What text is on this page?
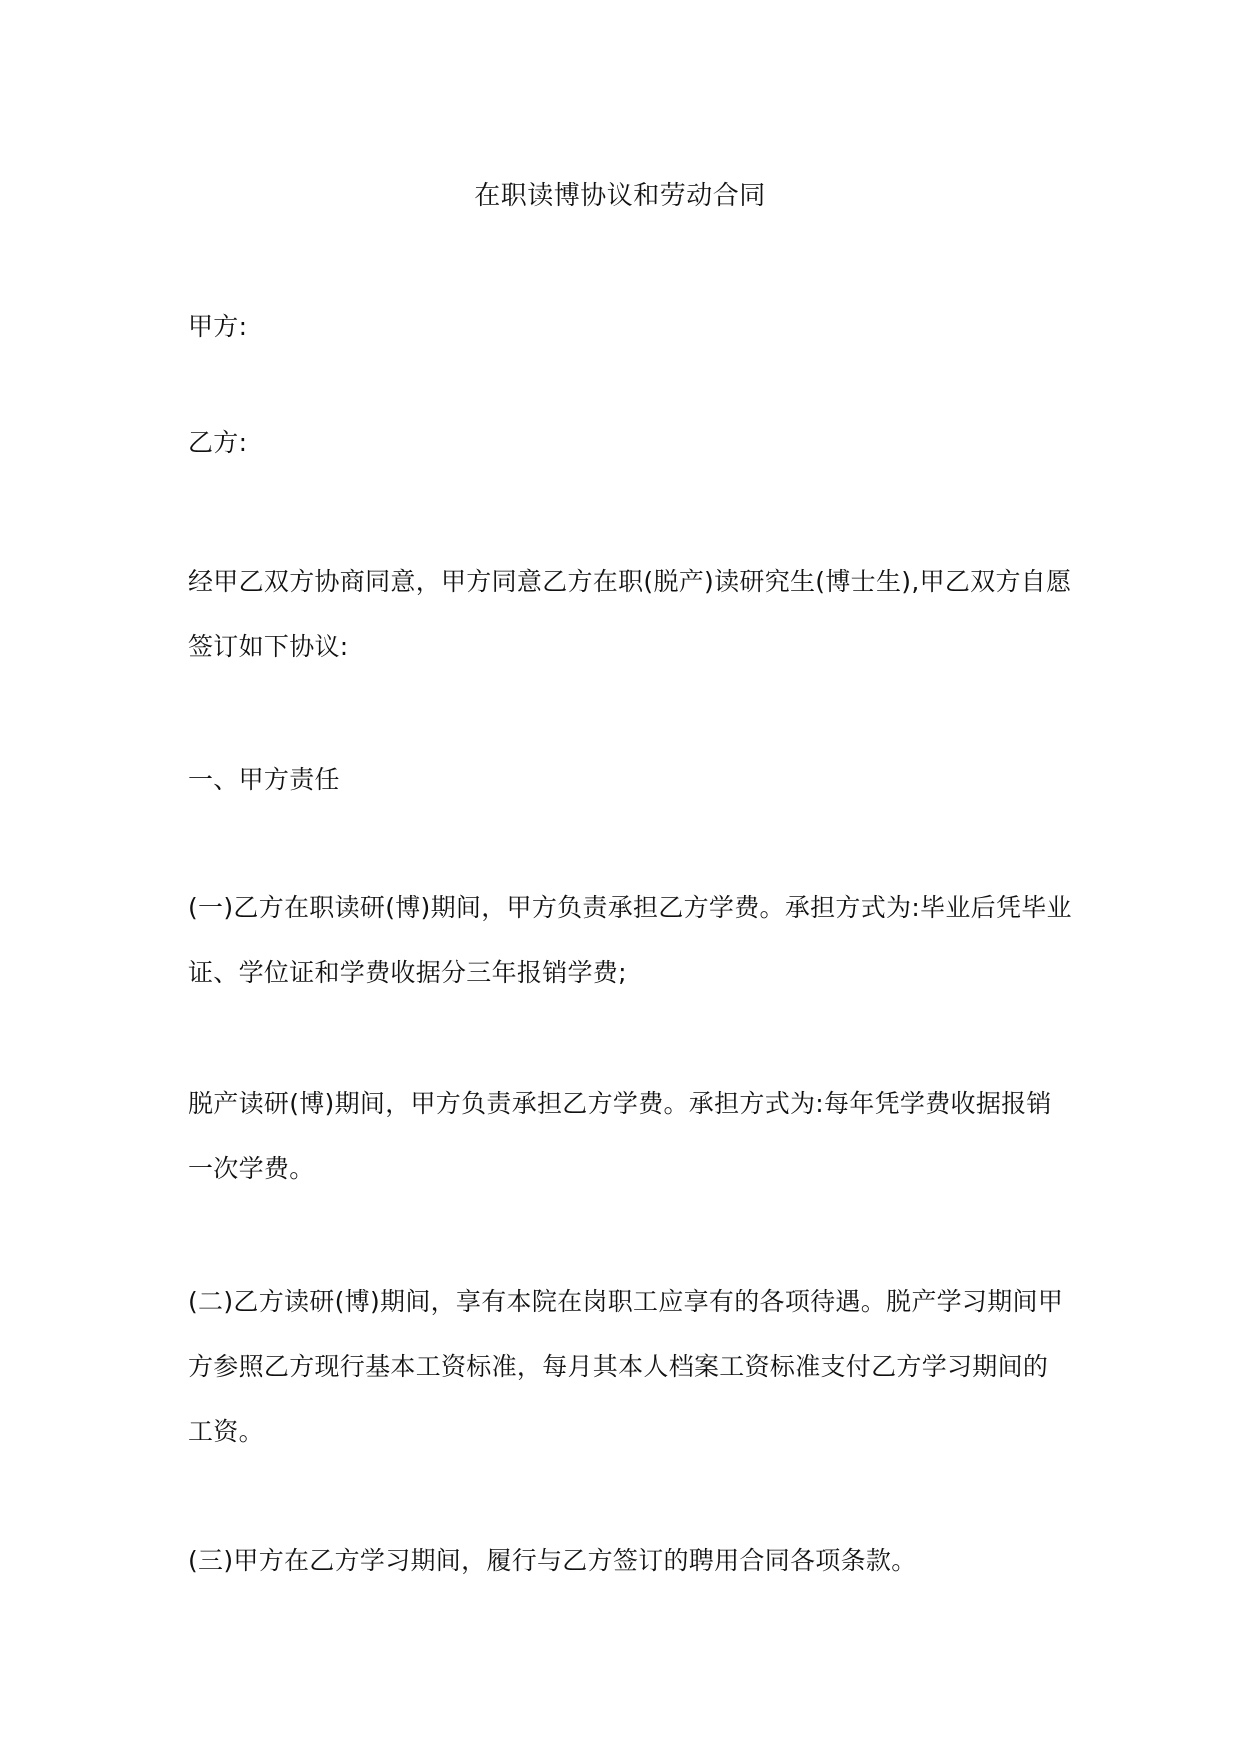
在职读博协议和劳动合同
甲方:
乙方:
经甲乙双方协商同意，甲方同意乙方在职(脱产)读研究生(博士生),甲乙双方自愿
签订如下协议:
一、甲方责任
(一)乙方在职读研(博)期间，甲方负责承担乙方学费。承担方式为:毕业后凭毕业
证、学位证和学费收据分三年报销学费;
脱产读研(博)期间，甲方负责承担乙方学费。承担方式为:每年凭学费收据报销
一次学费。
(二)乙方读研(博)期间，享有本院在岗职工应享有的各项待遇。脱产学习期间甲
方参照乙方现行基本工资标准，每月其本人档案工资标准支付乙方学习期间的
工资。
(三)甲方在乙方学习期间，履行与乙方签订的聘用合同各项条款。
